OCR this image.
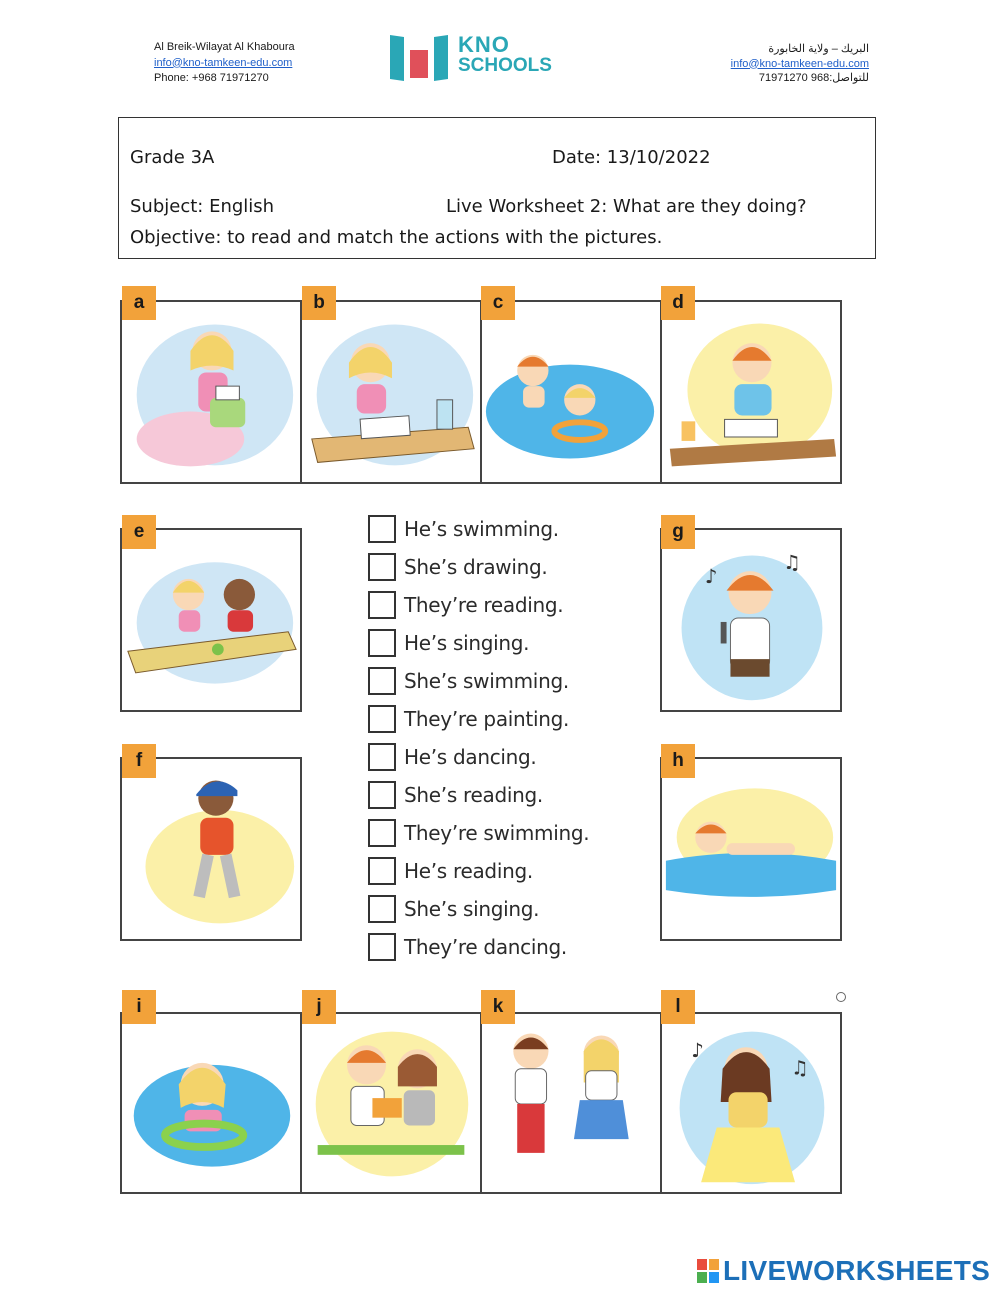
Al Breik-Wilayat Al Khaboura
info@kno-tamkeen-edu.com
Phone: +968 71971270
KNO
SCHOOLS
البريك – ولاية الخابورة
info@kno-tamkeen-edu.com
للتواصل:968 71971270
Grade 3A	Date: 13/10/2022
Subject: English	Live Worksheet 2: What are they doing?
Objective: to read and match the actions with the pictures.
a	b	c	d
e	g
♪
♫
f	h
He’s swimming.
She’s drawing.
They’re reading.
He’s singing.
She’s swimming.
They’re painting.
He’s dancing.
She’s reading.
They’re swimming.
He’s reading.
She’s singing.
They’re dancing.
i	j	k	l
♪
♫
LIVEWORKSHEETS
